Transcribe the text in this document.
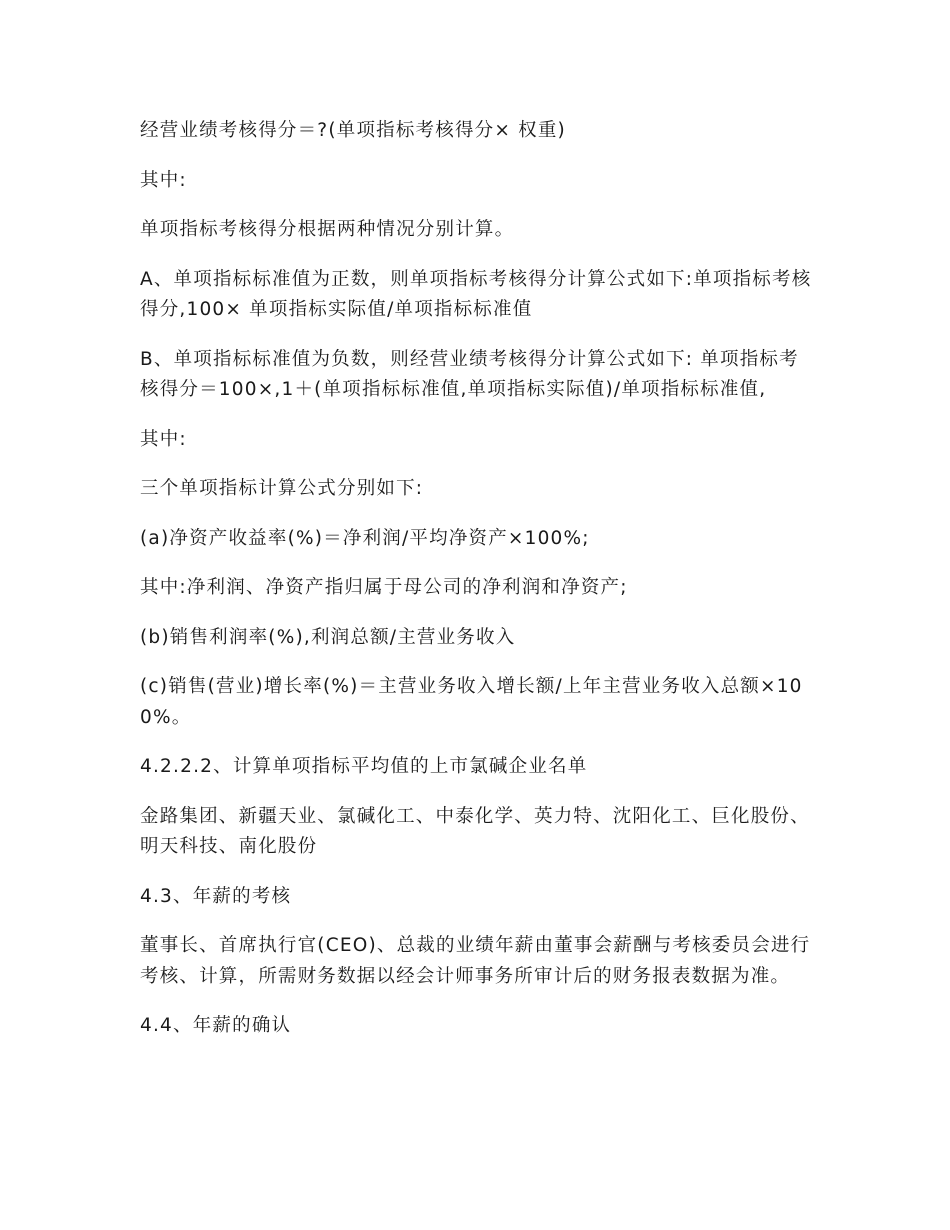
经营业绩考核得分＝?(单项指标考核得分× 权重)

其中:

单项指标考核得分根据两种情况分别计算。

A、单项指标标准值为正数，则单项指标考核得分计算公式如下:单项指标考核得分,100× 单项指标实际值/单项指标标准值

B、单项指标标准值为负数，则经营业绩考核得分计算公式如下: 单项指标考核得分＝100×,1＋(单项指标标准值,单项指标实际值)/单项指标标准值,

其中:

三个单项指标计算公式分别如下:

(a)净资产收益率(%)＝净利润/平均净资产×100%;

其中:净利润、净资产指归属于母公司的净利润和净资产;

(b)销售利润率(%),利润总额/主营业务收入

(c)销售(营业)增长率(%)＝主营业务收入增长额/上年主营业务收入总额×100%。

4.2.2.2、计算单项指标平均值的上市氯碱企业名单

金路集团、新疆天业、氯碱化工、中泰化学、英力特、沈阳化工、巨化股份、明天科技、南化股份

4.3、年薪的考核

董事长、首席执行官(CEO)、总裁的业绩年薪由董事会薪酬与考核委员会进行考核、计算，所需财务数据以经会计师事务所审计后的财务报表数据为准。

4.4、年薪的确认
